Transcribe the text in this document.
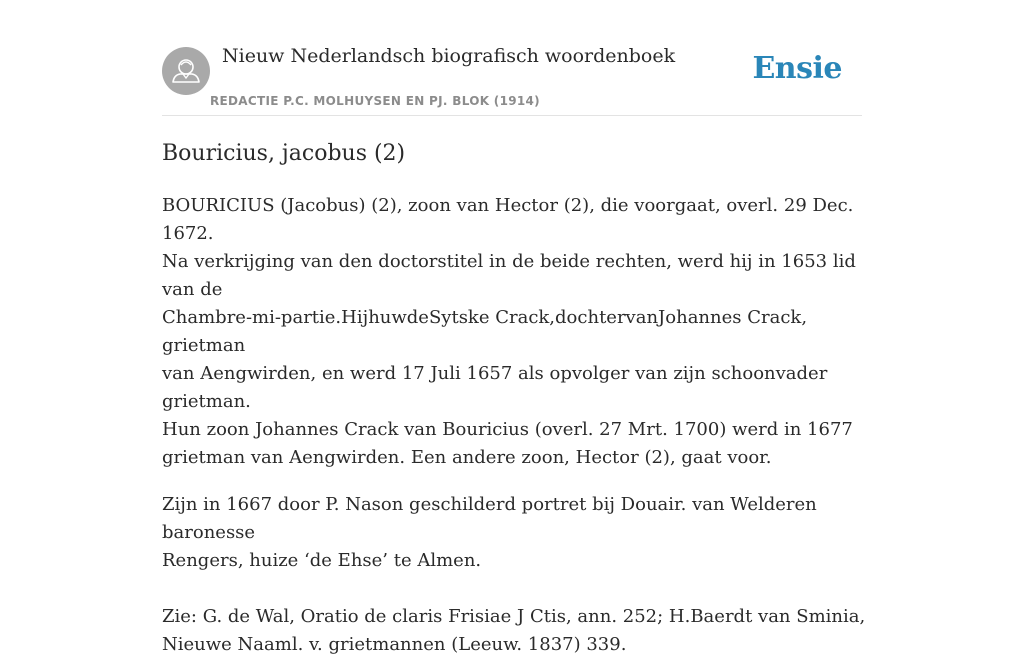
Nieuw Nederlandsch biografisch woordenboek
REDACTIE P.C. MOLHUYSEN EN PJ. BLOK (1914)
Ensie
Bouricius, jacobus (2)

BOURICIUS (Jacobus) (2), zoon van Hector (2), die voorgaat, overl. 29 Dec. 1672.
Na verkrijging van den doctorstitel in de beide rechten, werd hij in 1653 lid van de
Chambre-mi-partie.HijhuwdeSytske Crack,dochtervanJohannes Crack, grietman
van Aengwirden, en werd 17 Juli 1657 als opvolger van zijn schoonvader grietman.
Hun zoon Johannes Crack van Bouricius (overl. 27 Mrt. 1700) werd in 1677
grietman van Aengwirden. Een andere zoon, Hector (2), gaat voor.

Zijn in 1667 door P. Nason geschilderd portret bij Douair. van Welderen baronesse
Rengers, huize ‘de Ehse’ te Almen.

Zie: G. de Wal, Oratio de claris Frisiae J Ctis, ann. 252; H.Baerdt van Sminia,
Nieuwe Naaml. v. grietmannen (Leeuw. 1837) 339.
